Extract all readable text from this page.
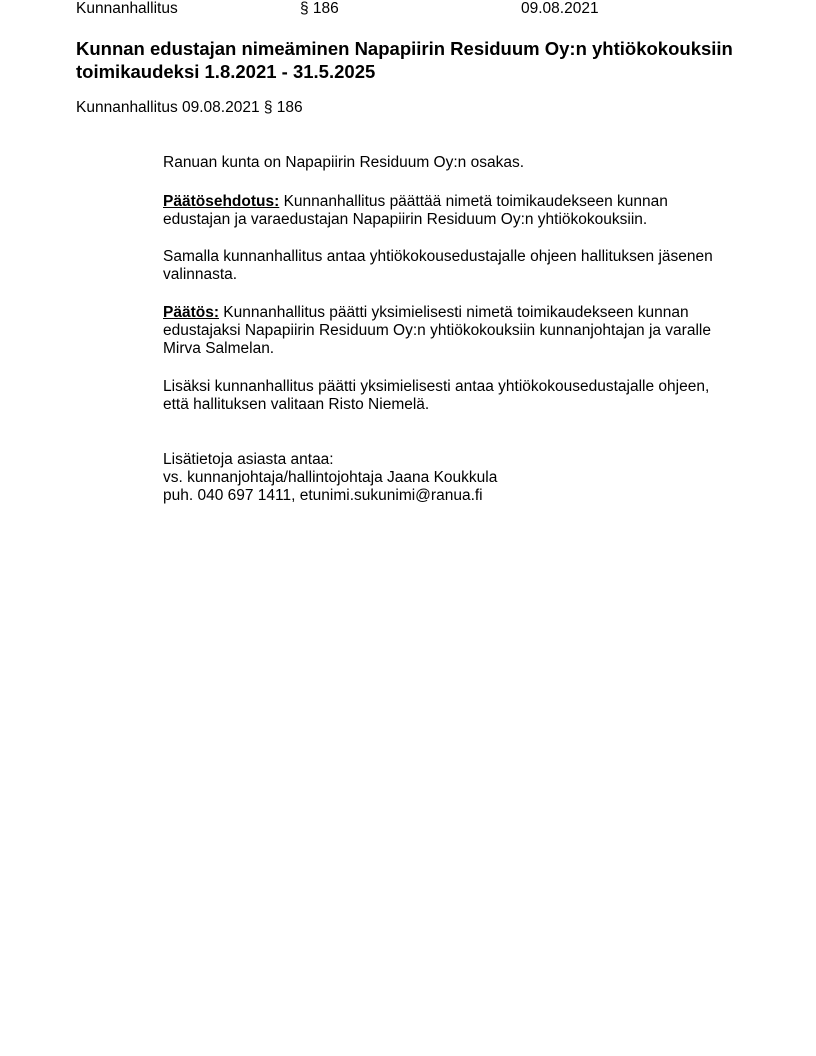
Kunnanhallitus	§ 186	09.08.2021
Kunnan edustajan nimeäminen Napapiirin Residuum Oy:n yhtiökokouksiin
toimikaudeksi 1.8.2021 - 31.5.2025
Kunnanhallitus 09.08.2021 § 186
Ranuan kunta on Napapiirin Residuum Oy:n osakas.
Päätösehdotus: Kunnanhallitus päättää nimetä toimikaudekseen kunnan
edustajan ja varaedustajan Napapiirin Residuum Oy:n yhtiökokouksiin.
Samalla kunnanhallitus antaa yhtiökokousedustajalle ohjeen hallituksen jäsenen
valinnasta.
Päätös: Kunnanhallitus päätti yksimielisesti nimetä toimikaudekseen kunnan
edustajaksi Napapiirin Residuum Oy:n yhtiökokouksiin kunnanjohtajan ja varalle
Mirva Salmelan.
Lisäksi kunnanhallitus päätti yksimielisesti antaa yhtiökokousedustajalle ohjeen,
että hallituksen valitaan Risto Niemelä.
Lisätietoja asiasta antaa:
vs. kunnanjohtaja/hallintojohtaja Jaana Koukkula
puh. 040 697 1411, etunimi.sukunimi@ranua.fi
